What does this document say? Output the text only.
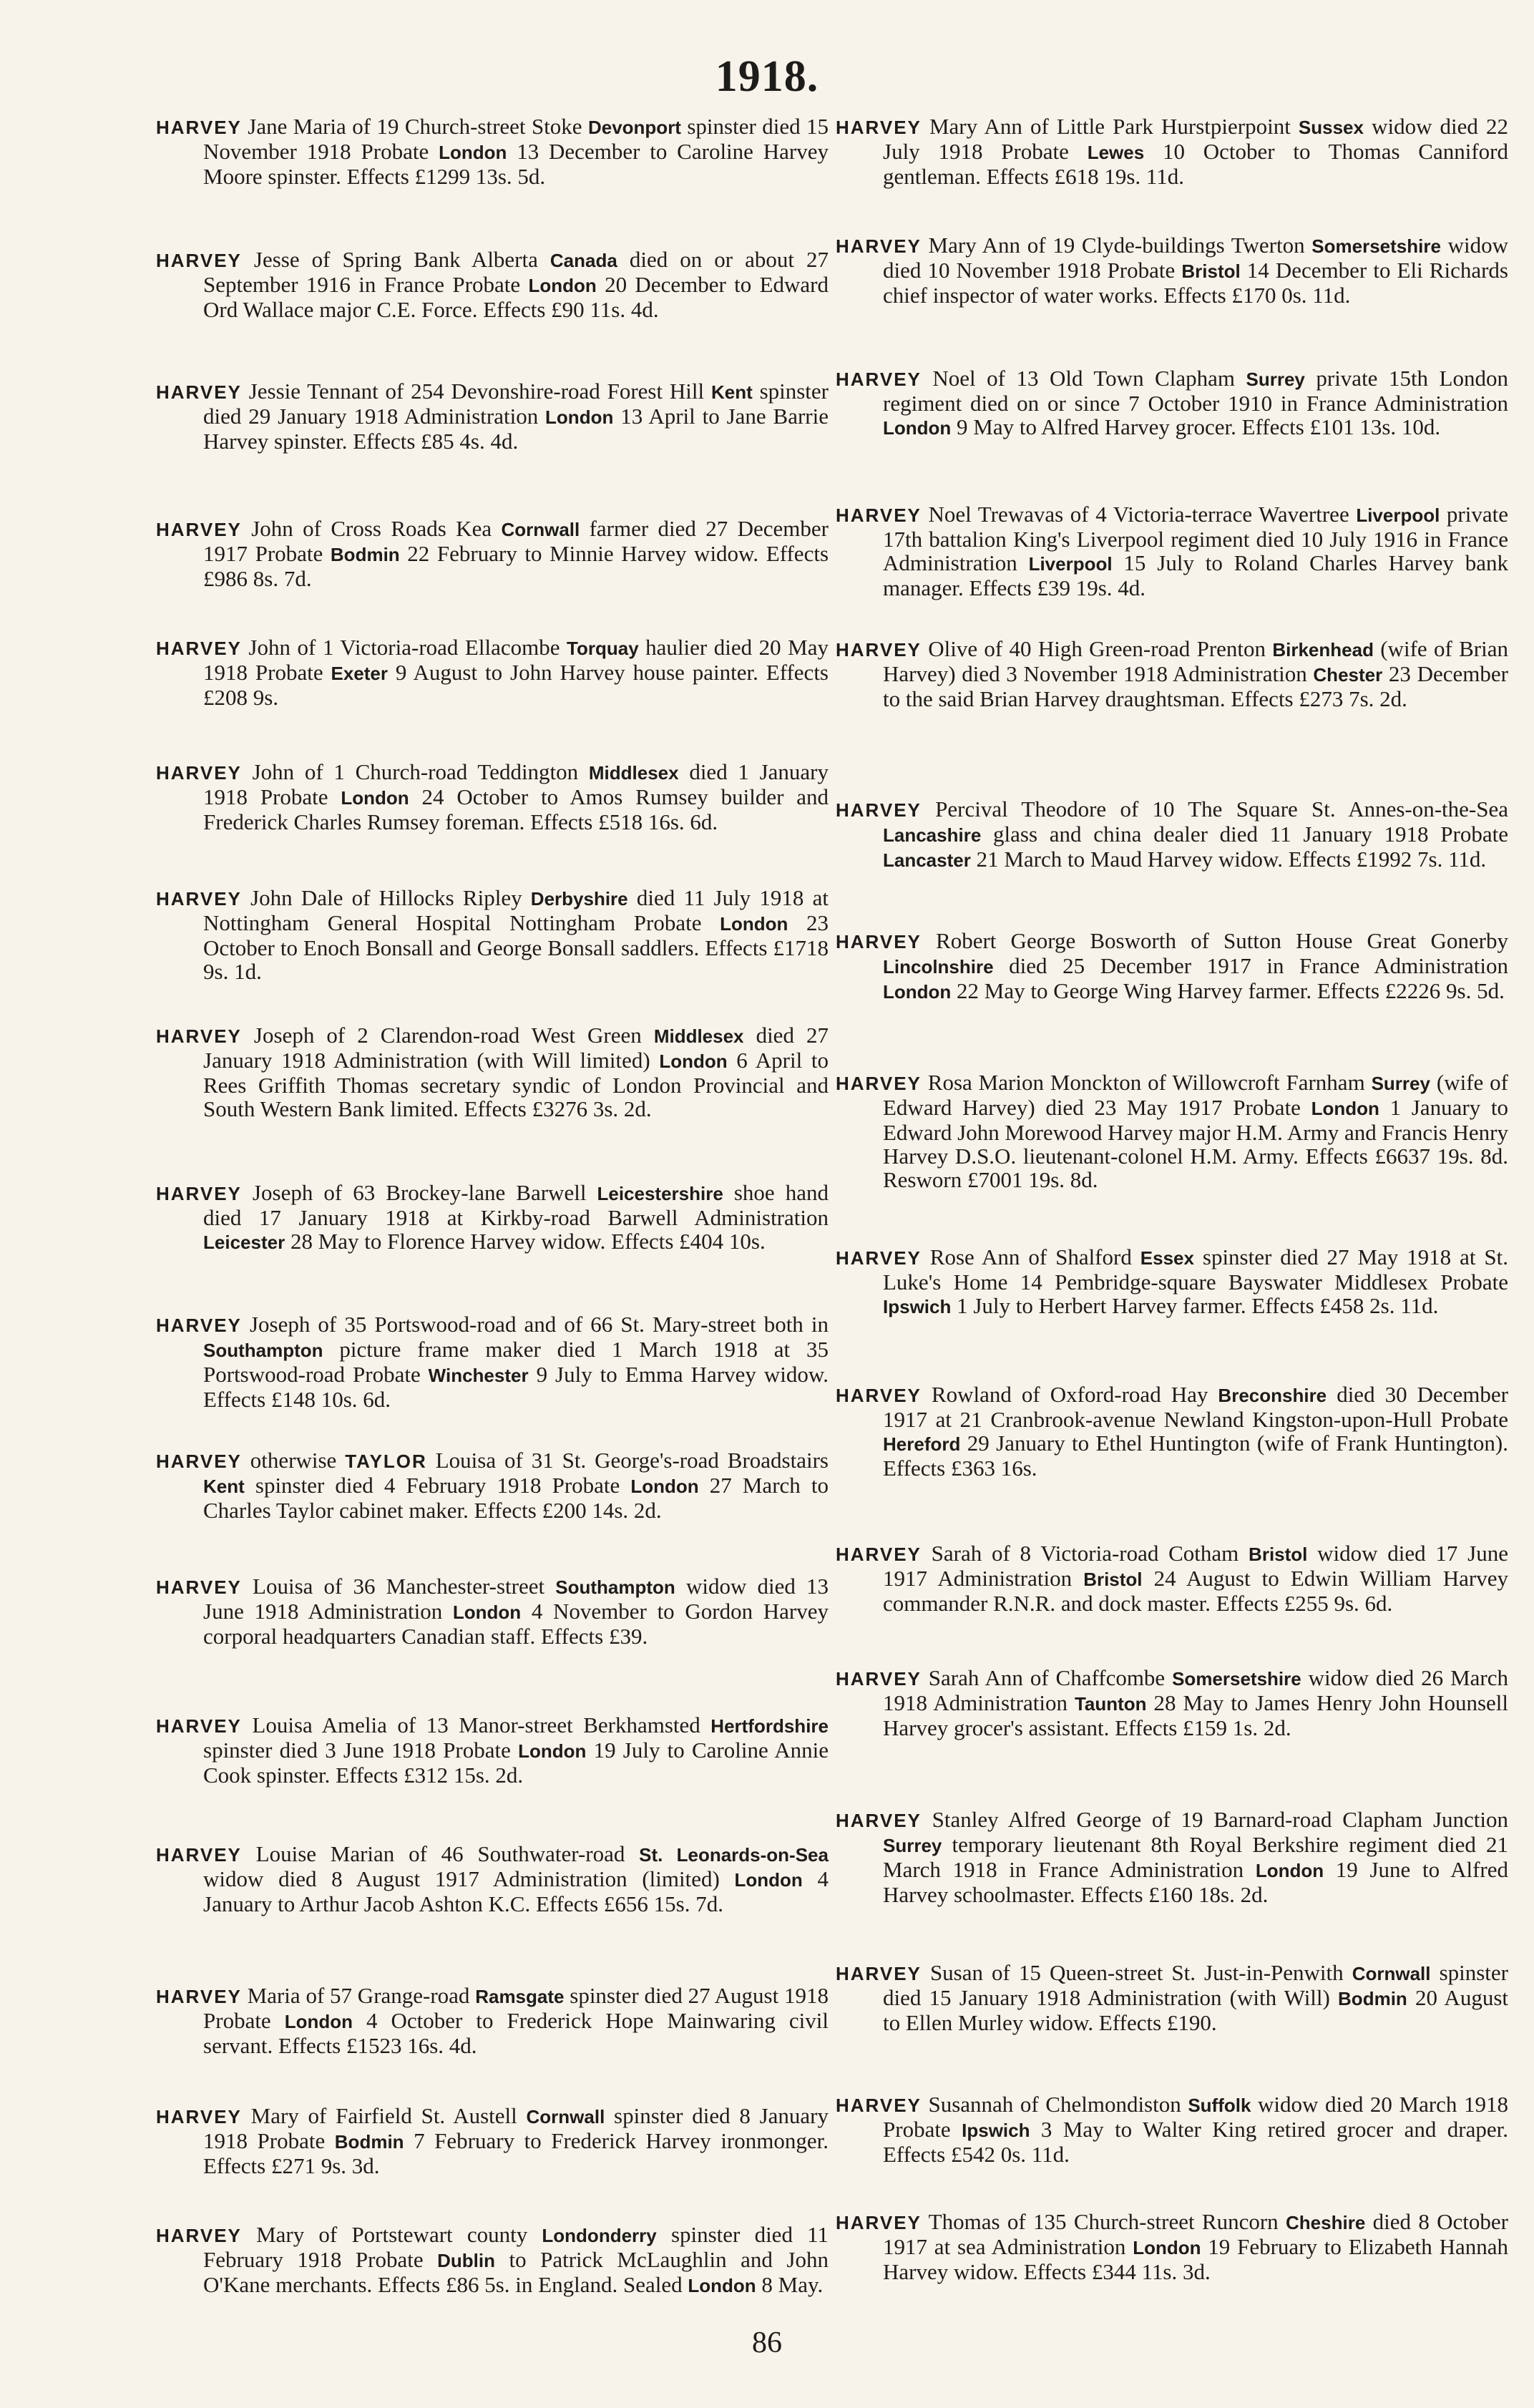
1918.
HARVEY Jane Maria of 19 Church-street Stoke Devonport spinster died 15 November 1918 Probate London 13 December to Caroline Harvey Moore spinster. Effects £1299 13s. 5d.
HARVEY Jesse of Spring Bank Alberta Canada died on or about 27 September 1916 in France Probate London 20 December to Edward Ord Wallace major C.E. Force. Effects £90 11s. 4d.
HARVEY Jessie Tennant of 254 Devonshire-road Forest Hill Kent spinster died 29 January 1918 Administration London 13 April to Jane Barrie Harvey spinster. Effects £85 4s. 4d.
HARVEY John of Cross Roads Kea Cornwall farmer died 27 December 1917 Probate Bodmin 22 February to Minnie Harvey widow. Effects £986 8s. 7d.
HARVEY John of 1 Victoria-road Ellacombe Torquay haulier died 20 May 1918 Probate Exeter 9 August to John Harvey house painter. Effects £208 9s.
HARVEY John of 1 Church-road Teddington Middlesex died 1 January 1918 Probate London 24 October to Amos Rumsey builder and Frederick Charles Rumsey foreman. Effects £518 16s. 6d.
HARVEY John Dale of Hillocks Ripley Derbyshire died 11 July 1918 at Nottingham General Hospital Nottingham Probate London 23 October to Enoch Bonsall and George Bonsall saddlers. Effects £1718 9s. 1d.
HARVEY Joseph of 2 Clarendon-road West Green Middlesex died 27 January 1918 Administration (with Will limited) London 6 April to Rees Griffith Thomas secretary syndic of London Provincial and South Western Bank limited. Effects £3276 3s. 2d.
HARVEY Joseph of 63 Brockey-lane Barwell Leicestershire shoe hand died 17 January 1918 at Kirkby-road Barwell Administration Leicester 28 May to Florence Harvey widow. Effects £404 10s.
HARVEY Joseph of 35 Portswood-road and of 66 St. Mary-street both in Southampton picture frame maker died 1 March 1918 at 35 Portswood-road Probate Winchester 9 July to Emma Harvey widow. Effects £148 10s. 6d.
HARVEY otherwise TAYLOR Louisa of 31 St. George's-road Broadstairs Kent spinster died 4 February 1918 Probate London 27 March to Charles Taylor cabinet maker. Effects £200 14s. 2d.
HARVEY Louisa of 36 Manchester-street Southampton widow died 13 June 1918 Administration London 4 November to Gordon Harvey corporal headquarters Canadian staff. Effects £39.
HARVEY Louisa Amelia of 13 Manor-street Berkhamsted Hertfordshire spinster died 3 June 1918 Probate London 19 July to Caroline Annie Cook spinster. Effects £312 15s. 2d.
HARVEY Louise Marian of 46 Southwater-road St. Leonards-on-Sea widow died 8 August 1917 Administration (limited) London 4 January to Arthur Jacob Ashton K.C. Effects £656 15s. 7d.
HARVEY Maria of 57 Grange-road Ramsgate spinster died 27 August 1918 Probate London 4 October to Frederick Hope Mainwaring civil servant. Effects £1523 16s. 4d.
HARVEY Mary of Fairfield St. Austell Cornwall spinster died 8 January 1918 Probate Bodmin 7 February to Frederick Harvey ironmonger. Effects £271 9s. 3d.
HARVEY Mary of Portstewart county Londonderry spinster died 11 February 1918 Probate Dublin to Patrick McLaughlin and John O'Kane merchants. Effects £86 5s. in England. Sealed London 8 May.
HARVEY Mary Ann of Little Park Hurstpierpoint Sussex widow died 22 July 1918 Probate Lewes 10 October to Thomas Canniford gentleman. Effects £618 19s. 11d.
HARVEY Mary Ann of 19 Clyde-buildings Twerton Somersetshire widow died 10 November 1918 Probate Bristol 14 December to Eli Richards chief inspector of water works. Effects £170 0s. 11d.
HARVEY Noel of 13 Old Town Clapham Surrey private 15th London regiment died on or since 7 October 1910 in France Administration London 9 May to Alfred Harvey grocer. Effects £101 13s. 10d.
HARVEY Noel Trewavas of 4 Victoria-terrace Wavertree Liverpool private 17th battalion King's Liverpool regiment died 10 July 1916 in France Administration Liverpool 15 July to Roland Charles Harvey bank manager. Effects £39 19s. 4d.
HARVEY Olive of 40 High Green-road Prenton Birkenhead (wife of Brian Harvey) died 3 November 1918 Administration Chester 23 December to the said Brian Harvey draughtsman. Effects £273 7s. 2d.
HARVEY Percival Theodore of 10 The Square St. Annes-on-the-Sea Lancashire glass and china dealer died 11 January 1918 Probate Lancaster 21 March to Maud Harvey widow. Effects £1992 7s. 11d.
HARVEY Robert George Bosworth of Sutton House Great Gonerby Lincolnshire died 25 December 1917 in France Administration London 22 May to George Wing Harvey farmer. Effects £2226 9s. 5d.
HARVEY Rosa Marion Monckton of Willowcroft Farnham Surrey (wife of Edward Harvey) died 23 May 1917 Probate London 1 January to Edward John Morewood Harvey major H.M. Army and Francis Henry Harvey D.S.O. lieutenant-colonel H.M. Army. Effects £6637 19s. 8d. Resworn £7001 19s. 8d.
HARVEY Rose Ann of Shalford Essex spinster died 27 May 1918 at St. Luke's Home 14 Pembridge-square Bayswater Middlesex Probate Ipswich 1 July to Herbert Harvey farmer. Effects £458 2s. 11d.
HARVEY Rowland of Oxford-road Hay Breconshire died 30 December 1917 at 21 Cranbrook-avenue Newland Kingston-upon-Hull Probate Hereford 29 January to Ethel Huntington (wife of Frank Huntington). Effects £363 16s.
HARVEY Sarah of 8 Victoria-road Cotham Bristol widow died 17 June 1917 Administration Bristol 24 August to Edwin William Harvey commander R.N.R. and dock master. Effects £255 9s. 6d.
HARVEY Sarah Ann of Chaffcombe Somersetshire widow died 26 March 1918 Administration Taunton 28 May to James Henry John Hounsell Harvey grocer's assistant. Effects £159 1s. 2d.
HARVEY Stanley Alfred George of 19 Barnard-road Clapham Junction Surrey temporary lieutenant 8th Royal Berkshire regiment died 21 March 1918 in France Administration London 19 June to Alfred Harvey schoolmaster. Effects £160 18s. 2d.
HARVEY Susan of 15 Queen-street St. Just-in-Penwith Cornwall spinster died 15 January 1918 Administration (with Will) Bodmin 20 August to Ellen Murley widow. Effects £190.
HARVEY Susannah of Chelmondiston Suffolk widow died 20 March 1918 Probate Ipswich 3 May to Walter King retired grocer and draper. Effects £542 0s. 11d.
HARVEY Thomas of 135 Church-street Runcorn Cheshire died 8 October 1917 at sea Administration London 19 February to Elizabeth Hannah Harvey widow. Effects £344 11s. 3d.
86
